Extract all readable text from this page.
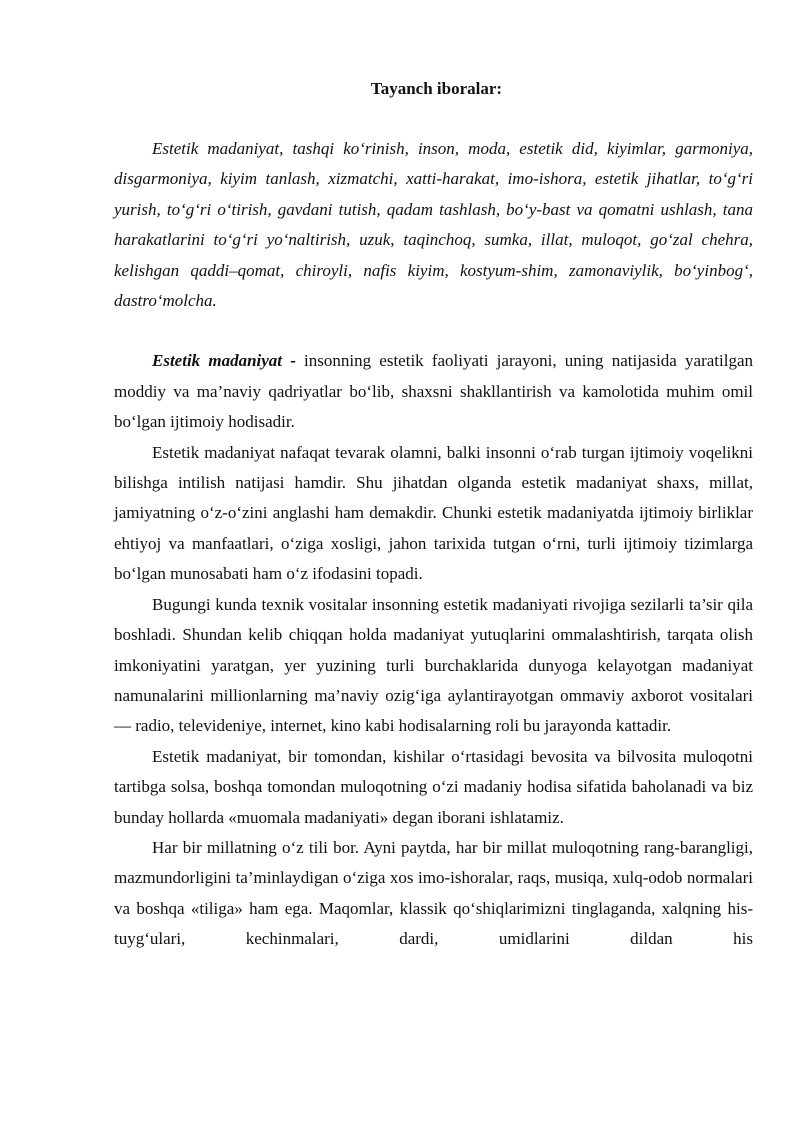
Tayanch iboralar:

Estetik madaniyat, tashqi ko‘rinish, inson, moda, estetik did, kiyimlar, garmoniya, disgarmoniya, kiyim tanlash, xizmatchi, xatti-harakat, imo-ishora, estetik jihatlar, to‘g‘ri yurish, to‘g‘ri o‘tirish, gavdani tutish, qadam tashlash, bo‘y-bast va qomatni ushlash, tana harakatlarini to‘g‘ri yo‘naltirish, uzuk, taqinchoq, sumka, illat, muloqot, go‘zal chehra, kelishgan qaddi–qomat, chiroyli, nafis kiyim, kostyum-shim, zamonaviylik, bo‘yinbog‘, dastro‘molcha.

Estetik madaniyat - insonning estetik faoliyati jarayoni, uning natijasida yaratilgan moddiy va ma’naviy qadriyatlar bo‘lib, shaxsni shakllantirish va kamolotida muhim omil bo‘lgan ijtimoiy hodisadir.

Estetik madaniyat nafaqat tevarak olamni, balki insonni o‘rab turgan ijtimoiy voqelikni bilishga intilish natijasi hamdir. Shu jihatdan olganda estetik madaniyat shaxs, millat, jamiyatning o‘z-o‘zini anglashi ham demakdir. Chunki estetik madaniyatda ijtimoiy birliklar ehtiyoj va manfaatlari, o‘ziga xosligi, jahon tarixida tutgan o‘rni, turli ijtimoiy tizimlarga bo‘lgan munosabati ham o‘z ifodasini topadi.

Bugungi kunda texnik vositalar insonning estetik madaniyati rivojiga sezilarli ta’sir qila boshladi. Shundan kelib chiqqan holda madaniyat yutuqlarini ommalashtirish, tarqata olish imkoniyatini yaratgan, yer yuzining turli burchaklarida dunyoga kelayotgan madaniyat namunalarini millionlarning ma’naviy ozig‘iga aylantirayotgan ommaviy axborot vositalari — radio, televideniye, internet, kino kabi hodisalarning roli bu jarayonda kattadir.

Estetik madaniyat, bir tomondan, kishilar o‘rtasidagi bevosita va bilvosita muloqotni tartibga solsa, boshqa tomondan muloqotning o‘zi madaniy hodisa sifatida baholanadi va biz bunday hollarda «muomala madaniyati» degan iborani ishlatamiz.

Har bir millatning o‘z tili bor. Ayni paytda, har bir millat muloqotning rang-barangligi, mazmundorligini ta’minlaydigan o‘ziga xos imo-ishoralar, raqs, musiqa, xulq-odob normalari va boshqa «tiliga» ham ega. Maqomlar, klassik qo‘shiqlarimizni tinglaganda, xalqning his-tuyg‘ulari, kechinmalari, dardi, umidlarini dildan his
